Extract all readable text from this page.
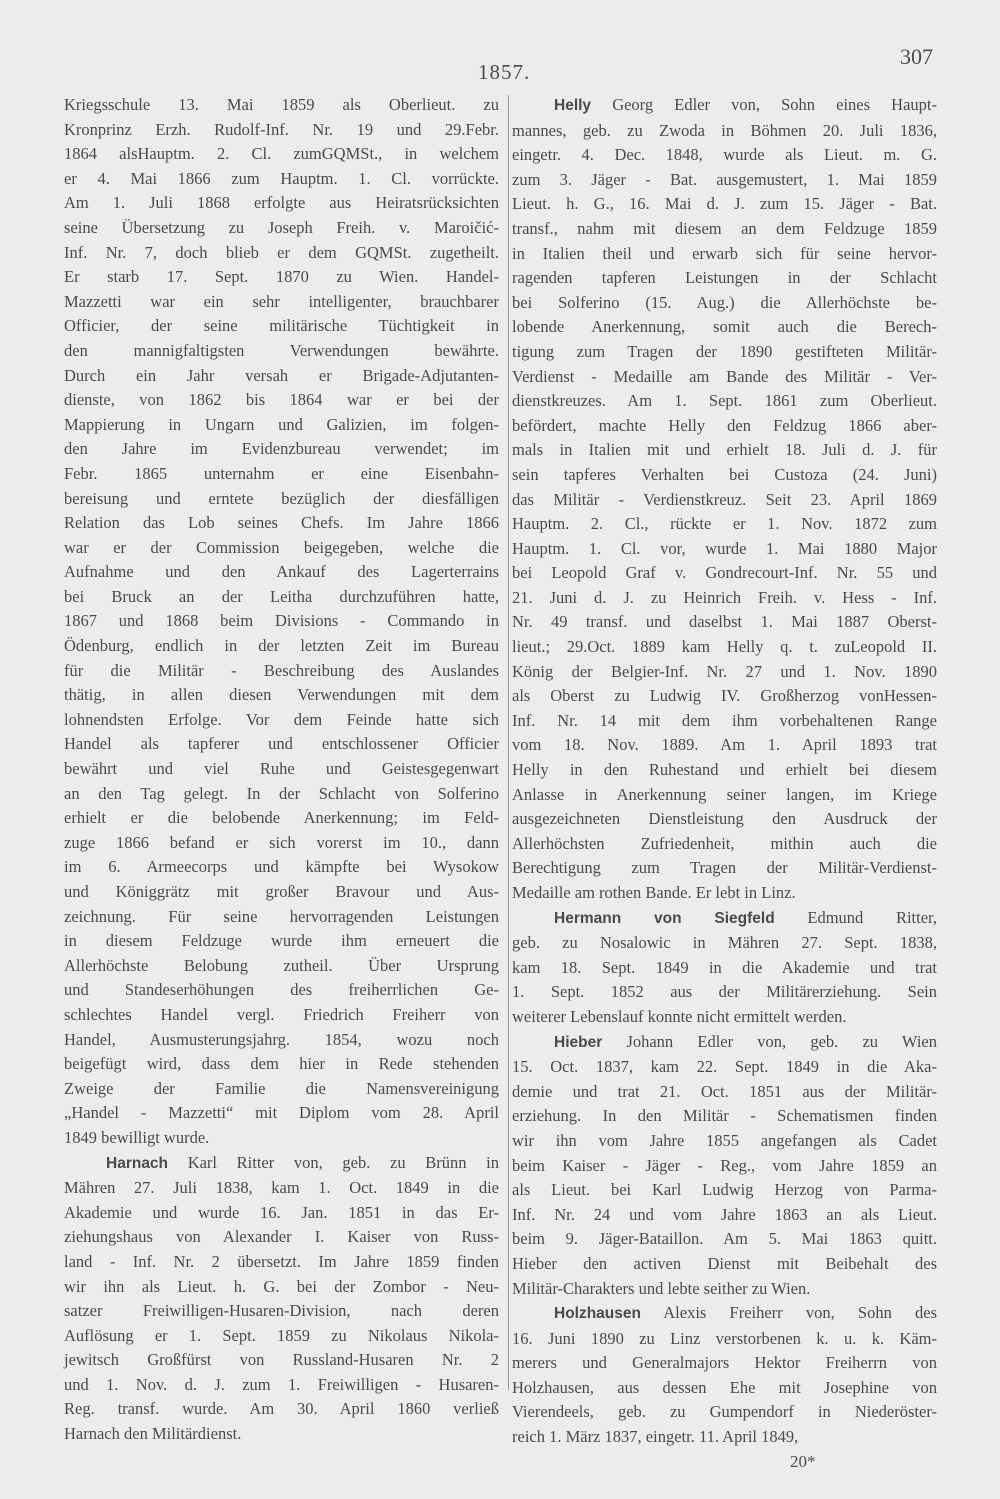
1857.
307
Kriegsschule 13. Mai 1859 als Oberlieut. zu
Kronprinz Erzh. Rudolf-Inf. Nr. 19 und 29.Febr.
1864 alsHauptm. 2. Cl. zumGQMSt., in welchem
er 4. Mai 1866 zum Hauptm. 1. Cl. vorrückte.
Am 1. Juli 1868 erfolgte aus Heiratsrücksichten
seine Übersetzung zu Joseph Freih. v. Maroičić-
Inf. Nr. 7, doch blieb er dem GQMSt. zugetheilt.
Er starb 17. Sept. 1870 zu Wien. Handel-
Mazzetti war ein sehr intelligenter, brauchbarer
Officier, der seine militärische Tüchtigkeit in
den mannigfaltigsten Verwendungen bewährte.
Durch ein Jahr versah er Brigade-Adjutanten-
dienste, von 1862 bis 1864 war er bei der
Mappierung in Ungarn und Galizien, im folgen-
den Jahre im Evidenzbureau verwendet; im
Febr. 1865 unternahm er eine Eisenbahn-
bereisung und erntete bezüglich der diesfälligen
Relation das Lob seines Chefs. Im Jahre 1866
war er der Commission beigegeben, welche die
Aufnahme und den Ankauf des Lagerterrains
bei Bruck an der Leitha durchzuführen hatte,
1867 und 1868 beim Divisions - Commando in
Ödenburg, endlich in der letzten Zeit im Bureau
für die Militär - Beschreibung des Auslandes
thätig, in allen diesen Verwendungen mit dem
lohnendsten Erfolge. Vor dem Feinde hatte sich
Handel als tapferer und entschlossener Officier
bewährt und viel Ruhe und Geistesgegenwart
an den Tag gelegt. In der Schlacht von Solferino
erhielt er die belobende Anerkennung; im Feld-
zuge 1866 befand er sich vorerst im 10., dann
im 6. Armeecorps und kämpfte bei Wysokow
und Königgrätz mit großer Bravour und Aus-
zeichnung. Für seine hervorragenden Leistungen
in diesem Feldzuge wurde ihm erneuert die
Allerhöchste Belobung zutheil. Über Ursprung
und Standeserhöhungen des freiherrlichen Ge-
schlechtes Handel vergl. Friedrich Freiherr von
Handel, Ausmusterungsjahrg. 1854, wozu noch
beigefügt wird, dass dem hier in Rede stehenden
Zweige der Familie die Namensvereinigung
„Handel - Mazzetti“ mit Diplom vom 28. April
1849 bewilligt wurde.
Harnach Karl Ritter von, geb. zu Brünn in
Mähren 27. Juli 1838, kam 1. Oct. 1849 in die
Akademie und wurde 16. Jan. 1851 in das Er-
ziehungshaus von Alexander I. Kaiser von Russ-
land - Inf. Nr. 2 übersetzt. Im Jahre 1859 finden
wir ihn als Lieut. h. G. bei der Zombor - Neu-
satzer Freiwilligen-Husaren-Division, nach deren
Auflösung er 1. Sept. 1859 zu Nikolaus Nikola-
jewitsch Großfürst von Russland-Husaren Nr. 2
und 1. Nov. d. J. zum 1. Freiwilligen - Husaren-
Reg. transf. wurde. Am 30. April 1860 verließ
Harnach den Militärdienst.
Helly Georg Edler von, Sohn eines Haupt-
mannes, geb. zu Zwoda in Böhmen 20. Juli 1836,
eingetr. 4. Dec. 1848, wurde als Lieut. m. G.
zum 3. Jäger - Bat. ausgemustert, 1. Mai 1859
Lieut. h. G., 16. Mai d. J. zum 15. Jäger - Bat.
transf., nahm mit diesem an dem Feldzuge 1859
in Italien theil und erwarb sich für seine hervor-
ragenden tapferen Leistungen in der Schlacht
bei Solferino (15. Aug.) die Allerhöchste be-
lobende Anerkennung, somit auch die Berech-
tigung zum Tragen der 1890 gestifteten Militär-
Verdienst - Medaille am Bande des Militär - Ver-
dienstkreuzes. Am 1. Sept. 1861 zum Oberlieut.
befördert, machte Helly den Feldzug 1866 aber-
mals in Italien mit und erhielt 18. Juli d. J. für
sein tapferes Verhalten bei Custoza (24. Juni)
das Militär - Verdienstkreuz. Seit 23. April 1869
Hauptm. 2. Cl., rückte er 1. Nov. 1872 zum
Hauptm. 1. Cl. vor, wurde 1. Mai 1880 Major
bei Leopold Graf v. Gondrecourt-Inf. Nr. 55 und
21. Juni d. J. zu Heinrich Freih. v. Hess - Inf.
Nr. 49 transf. und daselbst 1. Mai 1887 Oberst-
lieut.; 29.Oct. 1889 kam Helly q. t. zuLeopold II.
König der Belgier-Inf. Nr. 27 und 1. Nov. 1890
als Oberst zu Ludwig IV. Großherzog vonHessen-
Inf. Nr. 14 mit dem ihm vorbehaltenen Range
vom 18. Nov. 1889. Am 1. April 1893 trat
Helly in den Ruhestand und erhielt bei diesem
Anlasse in Anerkennung seiner langen, im Kriege
ausgezeichneten Dienstleistung den Ausdruck der
Allerhöchsten Zufriedenheit, mithin auch die
Berechtigung zum Tragen der Militär-Verdienst-
Medaille am rothen Bande. Er lebt in Linz.
Hermann von Siegfeld Edmund Ritter,
geb. zu Nosalowic in Mähren 27. Sept. 1838,
kam 18. Sept. 1849 in die Akademie und trat
1. Sept. 1852 aus der Militärerziehung. Sein
weiterer Lebenslauf konnte nicht ermittelt werden.
Hieber Johann Edler von, geb. zu Wien
15. Oct. 1837, kam 22. Sept. 1849 in die Aka-
demie und trat 21. Oct. 1851 aus der Militär-
erziehung. In den Militär - Schematismen finden
wir ihn vom Jahre 1855 angefangen als Cadet
beim Kaiser - Jäger - Reg., vom Jahre 1859 an
als Lieut. bei Karl Ludwig Herzog von Parma-
Inf. Nr. 24 und vom Jahre 1863 an als Lieut.
beim 9. Jäger-Bataillon. Am 5. Mai 1863 quitt.
Hieber den activen Dienst mit Beibehalt des
Militär-Charakters und lebte seither zu Wien.
Holzhausen Alexis Freiherr von, Sohn des
16. Juni 1890 zu Linz verstorbenen k. u. k. Käm-
merers und Generalmajors Hektor Freiherrn von
Holzhausen, aus dessen Ehe mit Josephine von
Vierendeels, geb. zu Gumpendorf in Niederöster-
reich 1. März 1837, eingetr. 11. April 1849,
20*
